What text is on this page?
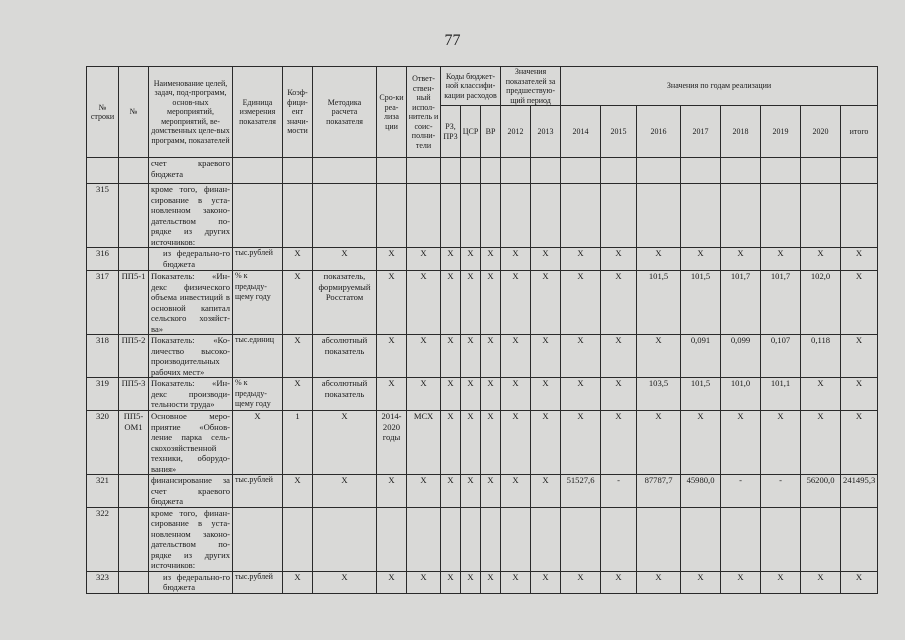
77
№ строки	№	Наименование целей, задач, под-программ, основ-ных мероприятий, мероприятий, ве-домственных целе-вых программ, показателей	Единица измерения показателя	Коэф-фици-ент значи-мости	Методика расчета показателя	Сро-ки реа-лиза ции	Ответ-ствен-ный испол-нитель и соис-полни-тели	Коды бюджет-ной классифи-кации расходов			Значения показателей за предшествую-щий период		Значения по годам реализации							
								РЗ, ПР3	ЦСР	ВР	2012	2013	2014	2015	2016	2017	2018	2019	2020	итого
		счет краевого бюджета																		
315		кроме того, финан-сирование в уста-новленном законо-дательством по-рядке из других источников:																		
316		из федерально-го бюджета	тыс.рублей	X	X	X	X	X	X	X	X	X	X	X	X	X	X	X	X	X
317	ПП5-1	Показатель: «Ин-декс физического объема инвестиций в основной капитал сельского хозяйст-ва»	% к предыду-щему году	X	показатель, формируемый Росстатом	X	X	X	X	X	X	X	X	X	101,5	101,5	101,7	101,7	102,0	X
318	ПП5-2	Показатель: «Ко-личество высоко-производительных рабочих мест»	тыс.единиц	X	абсолютный показатель	X	X	X	X	X	X	X	X	X	X	0,091	0,099	0,107	0,118	X
319	ПП5-3	Показатель: «Ин-декс производи-тельности труда»	% к предыду-щему году	X	абсолютный показатель	X	X	X	X	X	X	X	X	X	103,5	101,5	101,0	101,1	X	X
320	ПП5-ОМ1	Основное меро-приятие «Обнов-ление парка сель-скохозяйственной техники, оборудо-вания»	X	1	X	2014-2020 годы	МСХ	X	X	X	X	X	X	X	X	X	X	X	X	X
321		финансирование за счет краевого бюджета	тыс.рублей	X	X	X	X	X	X	X	X	X	51527,6	-	87787,7	45980,0	-	-	56200,0	241495,3
322		кроме того, финан-сирование в уста-новленном законо-дательством по-рядке из других источников:																		
323		из федерально-го бюджета	тыс.рублей	X	X	X	X	X	X	X	X	X	X	X	X	X	X	X	X	X
